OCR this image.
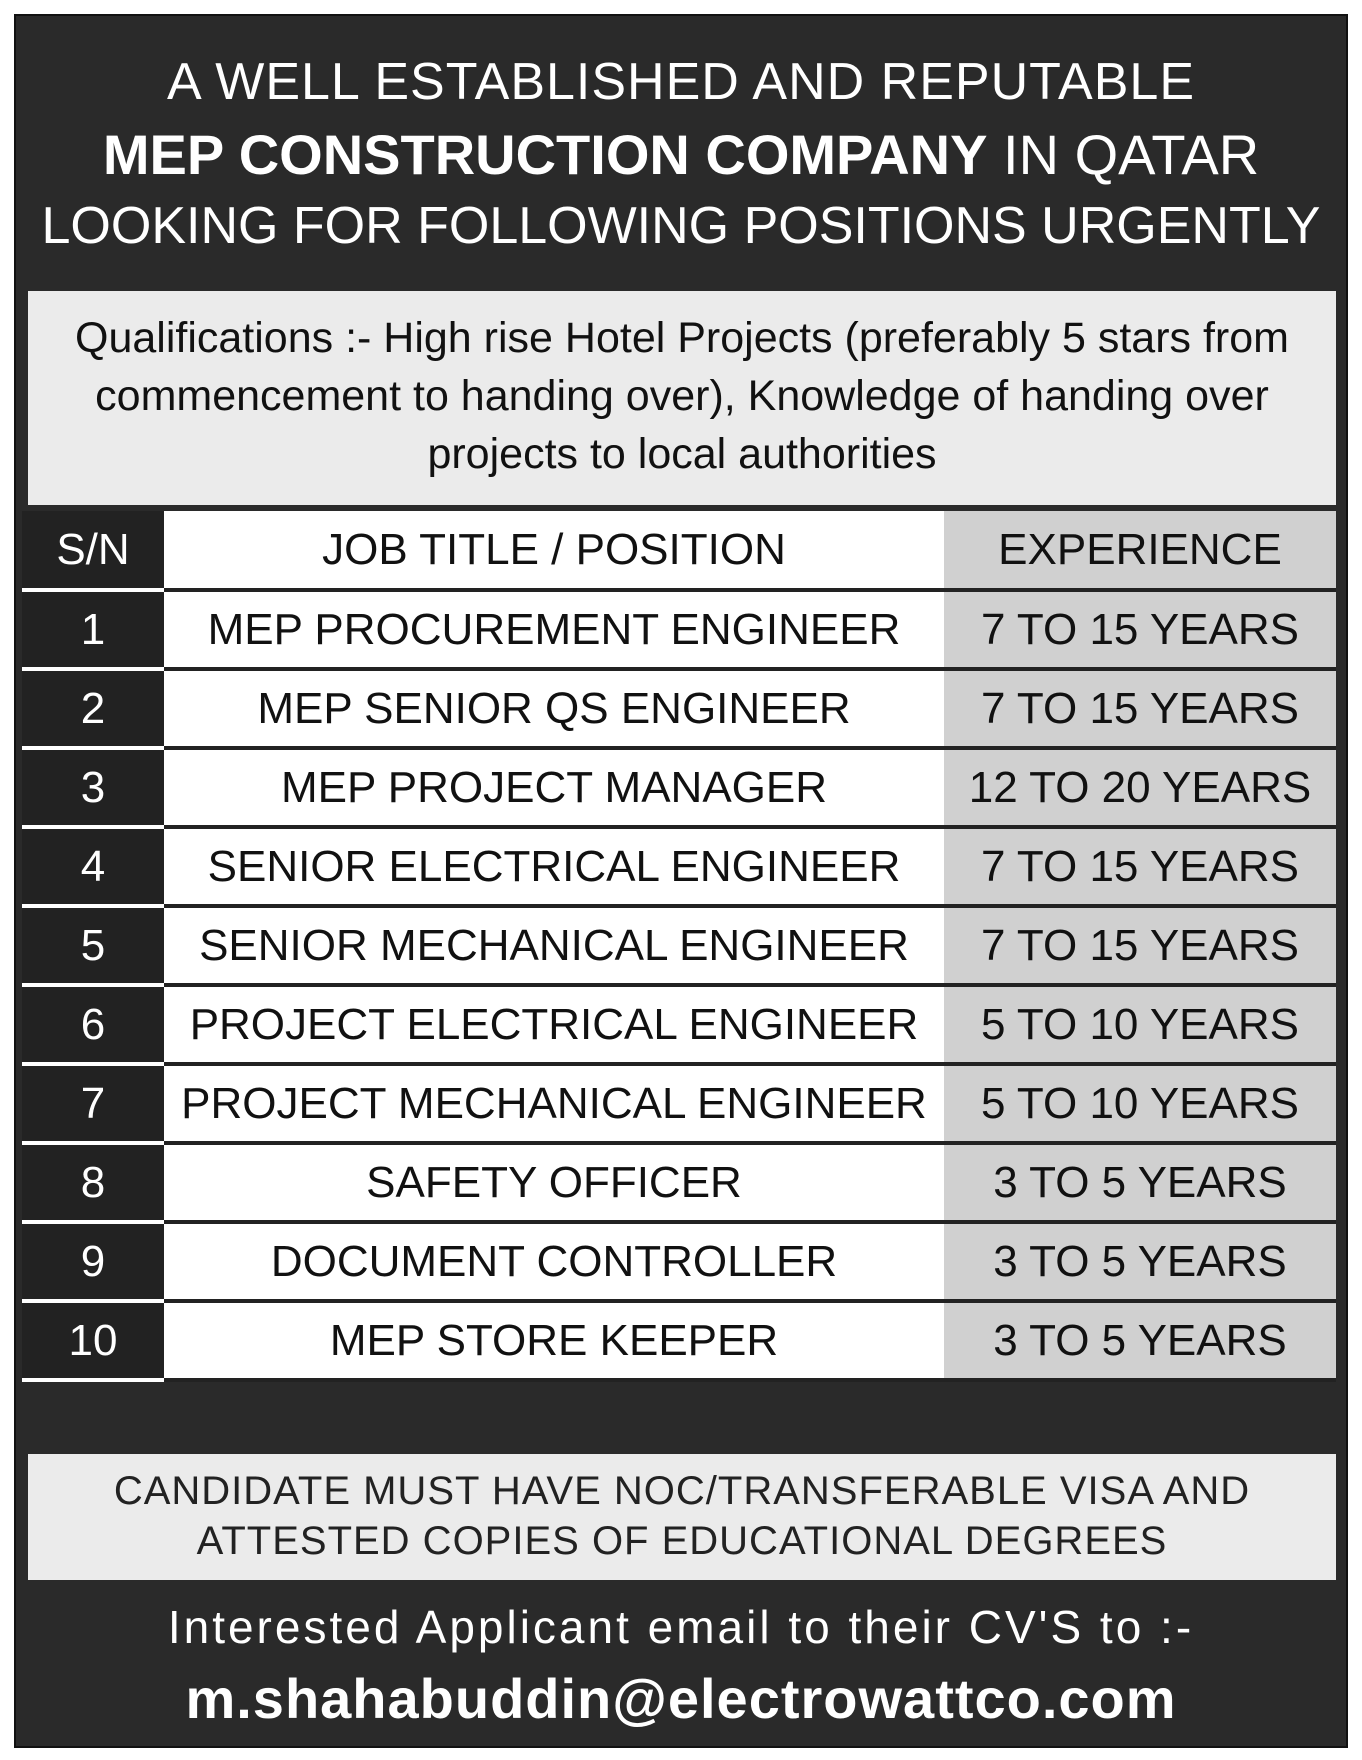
A WELL ESTABLISHED AND REPUTABLE
MEP CONSTRUCTION COMPANY IN QATAR
LOOKING FOR FOLLOWING POSITIONS URGENTLY
Qualifications :- High rise Hotel Projects (preferably 5 stars from commencement to handing over), Knowledge of handing over projects to local authorities
S/N	JOB TITLE / POSITION	EXPERIENCE
1	MEP PROCUREMENT ENGINEER	7 TO 15 YEARS
2	MEP SENIOR QS ENGINEER	7 TO 15 YEARS
3	MEP PROJECT MANAGER	12 TO 20 YEARS
4	SENIOR ELECTRICAL ENGINEER	7 TO 15 YEARS
5	SENIOR MECHANICAL ENGINEER	7 TO 15 YEARS
6	PROJECT ELECTRICAL ENGINEER	5 TO 10 YEARS
7	PROJECT MECHANICAL ENGINEER	5 TO 10 YEARS
8	SAFETY OFFICER	3 TO 5 YEARS
9	DOCUMENT CONTROLLER	3 TO 5 YEARS
10	MEP STORE KEEPER	3 TO 5 YEARS
CANDIDATE MUST HAVE NOC/TRANSFERABLE VISA AND
ATTESTED COPIES OF EDUCATIONAL DEGREES
Interested Applicant email to their CV'S to :-
m.shahabuddin@electrowattco.com
